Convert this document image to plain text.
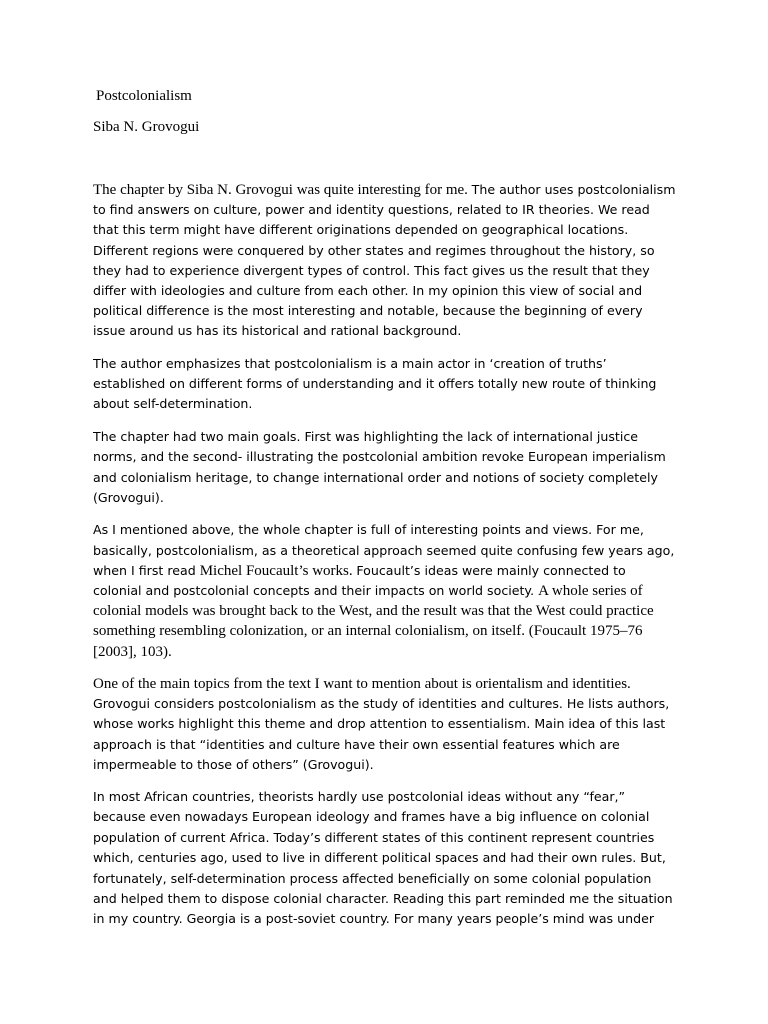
Postcolonialism

Siba N. Grovogui

The chapter by Siba N. Grovogui was quite interesting for me. The author uses postcolonialism to find answers on culture, power and identity questions, related to IR theories. We read that this term might have different originations depended on geographical locations. Different regions were conquered by other states and regimes throughout the history, so they had to experience divergent types of control. This fact gives us the result that they differ with ideologies and culture from each other. In my opinion this view of social and political difference is the most interesting and notable, because the beginning of every issue around us has its historical and rational background.

The author emphasizes that postcolonialism is a main actor in ‘creation of truths’ established on different forms of understanding and it offers totally new route of thinking about self-determination.

The chapter had two main goals. First was highlighting the lack of international justice norms, and the second- illustrating the postcolonial ambition revoke European imperialism and colonialism heritage, to change international order and notions of society completely (Grovogui).

As I mentioned above, the whole chapter is full of interesting points and views. For me, basically, postcolonialism, as a theoretical approach seemed quite confusing few years ago, when I first read Michel Foucault’s works. Foucault’s ideas were mainly connected to colonial and postcolonial concepts and their impacts on world society. A whole series of colonial models was brought back to the West, and the result was that the West could practice something resembling colonization, or an internal colonialism, on itself. (Foucault 1975–76 [2003], 103).

One of the main topics from the text I want to mention about is orientalism and identities. Grovogui considers postcolonialism as the study of identities and cultures. He lists authors, whose works highlight this theme and drop attention to essentialism. Main idea of this last approach is that “identities and culture have their own essential features which are impermeable to those of others” (Grovogui).

In most African countries, theorists hardly use postcolonial ideas without any “fear,” because even nowadays European ideology and frames have a big influence on colonial population of current Africa. Today’s different states of this continent represent countries which, centuries ago, used to live in different political spaces and had their own rules. But, fortunately, self-determination process affected beneficially on some colonial population and helped them to dispose colonial character. Reading this part reminded me the situation in my country. Georgia is a post-soviet country. For many years people’s mind was under
